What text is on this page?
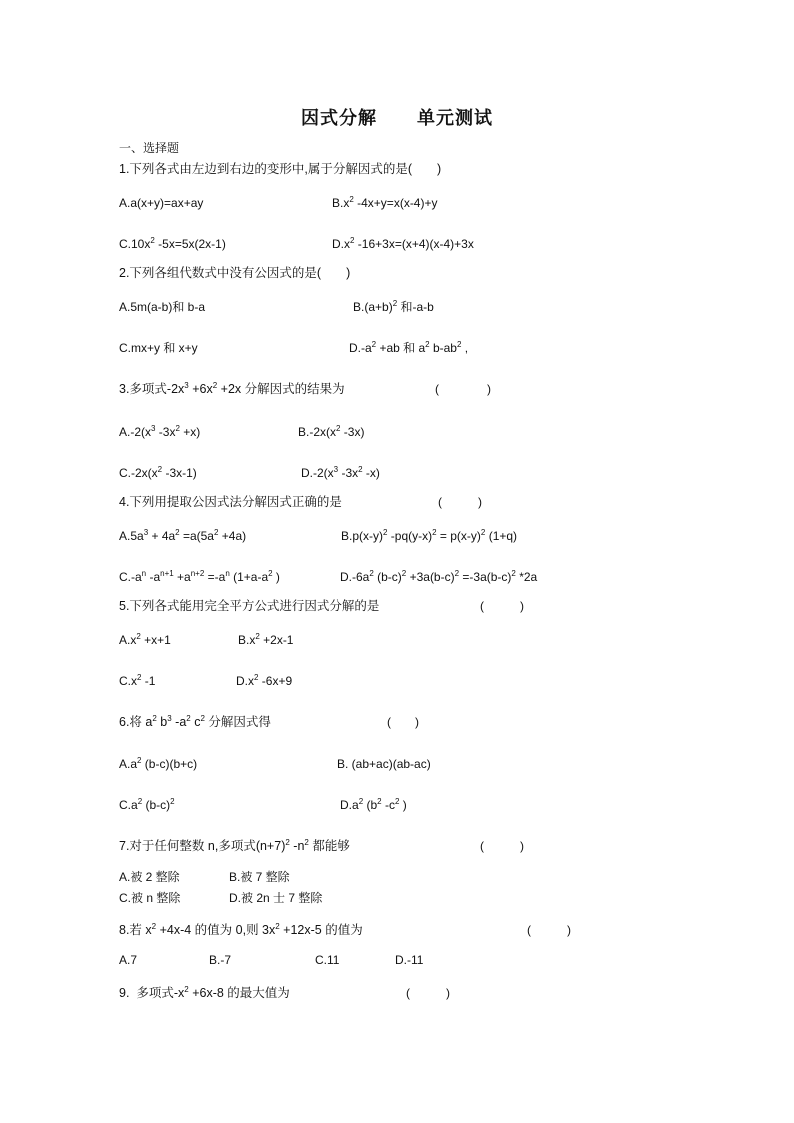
因式分解 单元测试
一、选择题
1.下列各式由左边到右边的变形中,属于分解因式的是(　　)
A.a(x+y)=ax+ay	$B.x^2$ -4x+y=x(x-4)+y
$C.10x^2$ -5x=5x(2x-1)	$D.x^2$ -16+3x=(x+4)(x-4)+3x
2.下列各组代数式中没有公因式的是(　　)
A.5m(a-b)和 b-a	$B.(a+b)^2$ 和-a-b
C.mx+y 和 x+y	$D.-a^2 +ab$ 和 $a^2$ $b-ab^2$ ,
3.多项式$-2x^3 +6x^2 +2x$ 分解因式的结果为	(　　　　)
$A.-2(x^3$ $-3x^2 +x$)	$B.-2x(x^2$ -3x)
$C.-2x(x^2$ -3x-1)	$D.-2(x^3$ $-3x^2$ -x)
4.下列用提取公因式法分解因式正确的是	(　　　)
$A.5a^3 + 4a^2 =a(5a^2 +4a)$	$B.p(x-y)^2$ $-pq(y-x)^2 = p(x-y)^2$ (1+q)
$C.-a^n$ $-a^{n+1} +a^{n+2} =-a^n$ ($1+a-a^2$ )	$D.-6a^2$ $(b-c)^2 +3a(b-c)^2 =-3a(b-c)^2$ *2a
5.下列各式能用完全平方公式进行因式分解的是	(　　　)
$A.x^2 +x+1$	$B.x^2 +2x-1$
$C.x^2$ -1	$D.x^2$ -6x+9
6.将 $a^2$ $b^3$ $-a^2$ $c^2$ 分解因式得	(　　)
$A.a^2$ (b-c)(b+c)	B. (ab+ac)(ab-ac)
$C.a^2$ $(b-c)^2$	$D.a^2$ ($b^2$ $-c^2$ )
7.对于任何整数 n,多项式$(n+7)^2$ $-n^2$ 都能够	(　　　)
A.被 2 整除	B.被 7 整除
C.被 n 整除	D.被 2n 士 7 整除
8.若 $x^2 +4x-4$ 的值为 0,则 $3x^2 +12x-5$ 的值为	(　　　)
A.7	B.-7	C.11	D.-11
9.  多项式$-x^2 +6x-8$ 的最大值为	(　　　)
